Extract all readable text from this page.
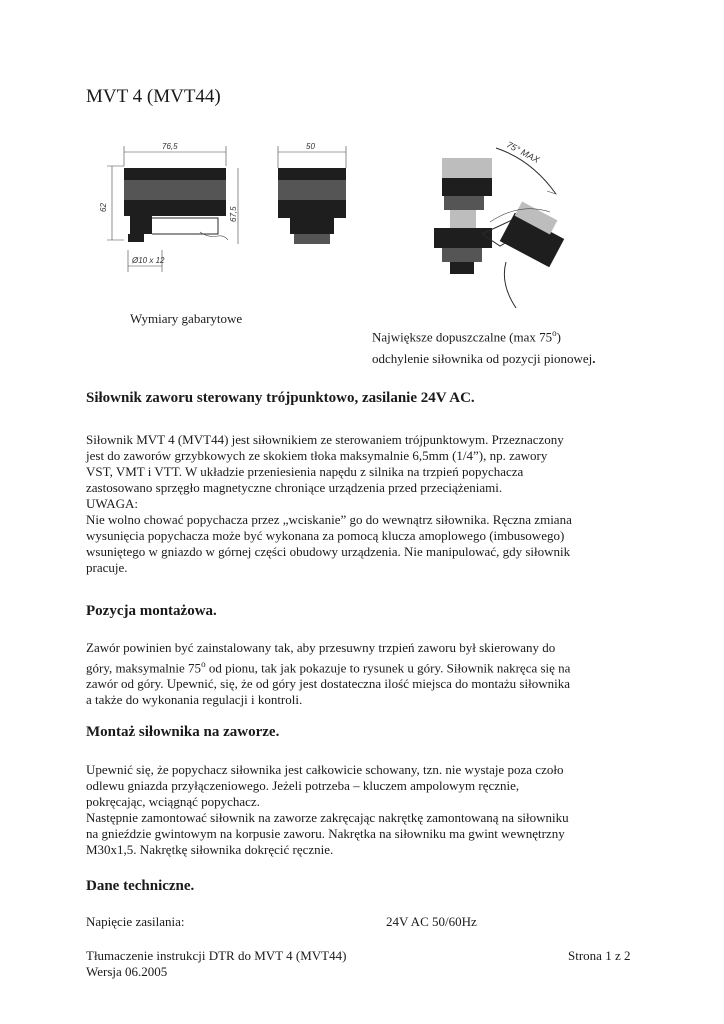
MVT 4 (MVT44)
76,5
62	67,5
Ø10 x 12
50	75° MAX
Wymiary gabarytowe
Największe dopuszczalne (max 75$^o$)
odchylenie siłownika od pozycji pionowej.
Siłownik zaworu sterowany trójpunktowo, zasilanie 24V AC.

Siłownik MVT 4 (MVT44) jest siłownikiem ze sterowaniem trójpunktowym. Przeznaczony

jest do zaworów grzybkowych ze skokiem tłoka maksymalnie 6,5mm (1/4”), np. zawory

VST, VMT i VTT. W układzie przeniesienia napędu z silnika na trzpień popychacza

zastosowano sprzęgło magnetyczne chroniące urządzenia przed przeciążeniami.

UWAGA:

Nie wolno chować popychacza przez „wciskanie” go do wewnątrz siłownika. Ręczna zmiana

wysunięcia popychacza może być wykonana za pomocą klucza amoplowego (imbusowego)

wsuniętego w gniazdo w górnej części obudowy urządzenia. Nie manipulować, gdy siłownik

pracuje.

Pozycja montażowa.

Zawór powinien być zainstalowany tak, aby przesuwny trzpień zaworu był skierowany do

góry, maksymalnie 75$^o$ od pionu, tak jak pokazuje to rysunek u góry. Siłownik nakręca się na

zawór od góry. Upewnić, się, że od góry jest dostateczna ilość miejsca do montażu siłownika

a także do wykonania regulacji i kontroli.

Montaż siłownika na zaworze.

Upewnić się, że popychacz siłownika jest całkowicie schowany, tzn. nie wystaje poza czoło

odlewu gniazda przyłączeniowego. Jeżeli potrzeba – kluczem ampolowym ręcznie,

pokręcając, wciągnąć popychacz.

Następnie zamontować siłownik na zaworze zakręcając nakrętkę zamontowaną na siłowniku

na gnieździe gwintowym na korpusie zaworu. Nakrętka na siłowniku ma gwint wewnętrzny

M30x1,5. Nakrętkę siłownika dokręcić ręcznie.

Dane techniczne.
Napięcie zasilania:	24V AC 50/60Hz

Tłumaczenie instrukcji DTR do MVT 4 (MVT44)

Wersja 06.2005

Strona 1 z 2
